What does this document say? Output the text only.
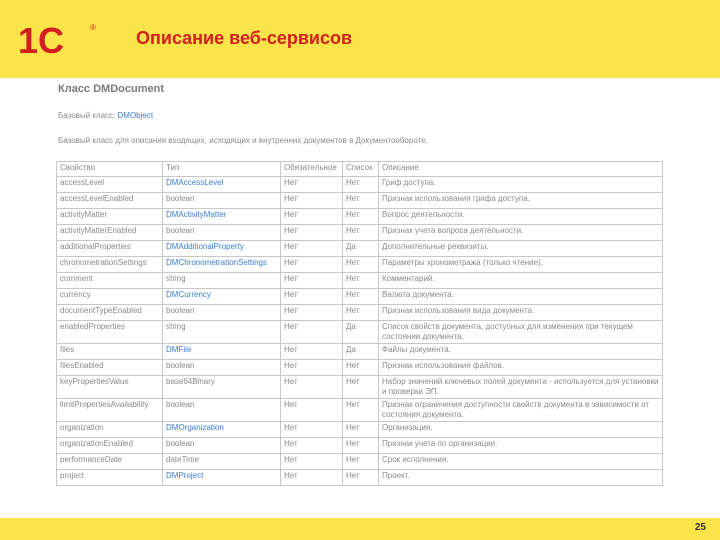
1С	®
Описание веб-сервисов
Класс DMDocument
Базовый класс: DMObject
Базовый класс для описания входящих, исходящих и внутренних документов в Документообороте.
Свойство	Тип	Обязательное	Список	Описание
accessLevel	DMAccessLevel	Нет	Нет	Гриф доступа.
accessLevelEnabled	boolean	Нет	Нет	Признак использования грифа доступа.
activityMatter	DMActivityMatter	Нет	Нет	Вопрос деятельности.
activityMatterEnabled	boolean	Нет	Нет	Признак учета вопроса деятельности.
additionalProperties	DMAdditionalProperty	Нет	Да	Дополнительные реквизиты.
chronometrationSettings	DMChronometrationSettings	Нет	Нет	Параметры хронометража (только чтение).
comment	string	Нет	Нет	Комментарий.
currency	DMCurrency	Нет	Нет	Валюта документа.
documentTypeEnabled	boolean	Нет	Нет	Признак использования вида документа.
enabledProperties	string	Нет	Да	Список свойств документа, доступных для изменения при текущем состоянии документа.
files	DMFile	Нет	Да	Файлы документа.
filesEnabled	boolean	Нет	Нет	Признак использования файлов.
keyPropertiesValue	base64Binary	Нет	Нет	Набор значений ключевых полей документа - используется для установки и проверки ЭП.
limitPropertiesAvailability	boolean	Нет	Нет	Признак ограничения доступности свойств документа в зависимости от состояния документа.
organization	DMOrganization	Нет	Нет	Организация.
organizationEnabled	boolean	Нет	Нет	Признак учета по организации.
performanceDate	dateTime	Нет	Нет	Срок исполнения.
project	DMProject	Нет	Нет	Проект.
25
